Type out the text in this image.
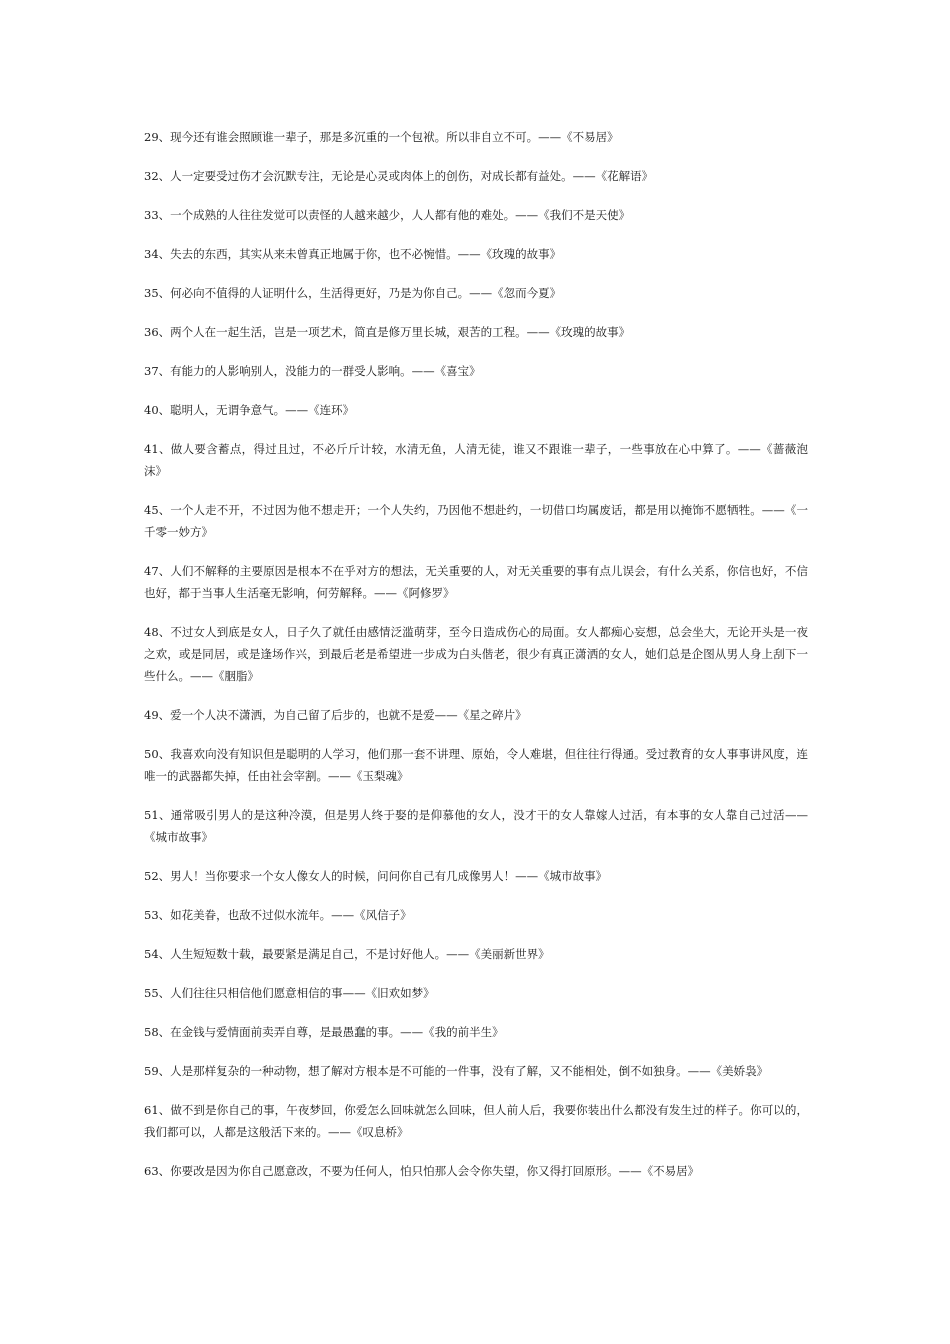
29、现今还有谁会照顾谁一辈子，那是多沉重的一个包袱。所以非自立不可。——《不易居》

32、人一定要受过伤才会沉默专注，无论是心灵或肉体上的创伤，对成长都有益处。——《花解语》

33、一个成熟的人往往发觉可以责怪的人越来越少，人人都有他的难处。——《我们不是天使》

34、失去的东西，其实从来未曾真正地属于你，也不必惋惜。——《玫瑰的故事》

35、何必向不值得的人证明什么，生活得更好，乃是为你自己。——《忽而今夏》

36、两个人在一起生活，岂是一项艺术，简直是修万里长城，艰苦的工程。——《玫瑰的故事》

37、有能力的人影响别人，没能力的一群受人影响。——《喜宝》

40、聪明人，无谓争意气。——《连环》

41、做人要含蓄点，得过且过，不必斤斤计较，水清无鱼，人清无徒，谁又不跟谁一辈子，一些事放在心中算了。——《蔷薇泡沫》

45、一个人走不开，不过因为他不想走开；一个人失约，乃因他不想赴约，一切借口均属废话，都是用以掩饰不愿牺牲。——《一千零一妙方》

47、人们不解释的主要原因是根本不在乎对方的想法，无关重要的人，对无关重要的事有点儿误会，有什么关系，你信也好，不信也好，都于当事人生活毫无影响，何劳解释。——《阿修罗》

48、不过女人到底是女人，日子久了就任由感情泛滥萌芽，至今日造成伤心的局面。女人都痴心妄想，总会坐大，无论开头是一夜之欢，或是同居，或是逢场作兴，到最后老是希望进一步成为白头偕老，很少有真正潇洒的女人，她们总是企图从男人身上刮下一些什么。——《胭脂》

49、爱一个人决不潇洒，为自己留了后步的，也就不是爱——《星之碎片》

50、我喜欢向没有知识但是聪明的人学习，他们那一套不讲理、原始，令人难堪，但往往行得通。受过教育的女人事事讲风度，连唯一的武器都失掉，任由社会宰割。——《玉梨魂》

51、通常吸引男人的是这种冷漠，但是男人终于娶的是仰慕他的女人，没才干的女人靠嫁人过活，有本事的女人靠自己过活——《城市故事》

52、男人！当你要求一个女人像女人的时候，问问你自己有几成像男人！——《城市故事》

53、如花美眷，也敌不过似水流年。——《风信子》

54、人生短短数十载，最要紧是满足自己，不是讨好他人。——《美丽新世界》

55、人们往往只相信他们愿意相信的事——《旧欢如梦》

58、在金钱与爱情面前卖弄自尊，是最愚蠢的事。——《我的前半生》

59、人是那样复杂的一种动物，想了解对方根本是不可能的一件事，没有了解，又不能相处，倒不如独身。——《美娇袅》

61、做不到是你自己的事，午夜梦回，你爱怎么回味就怎么回味，但人前人后，我要你装出什么都没有发生过的样子。你可以的，我们都可以，人都是这般活下来的。——《叹息桥》

63、你要改是因为你自己愿意改，不要为任何人，怕只怕那人会令你失望，你又得打回原形。——《不易居》
